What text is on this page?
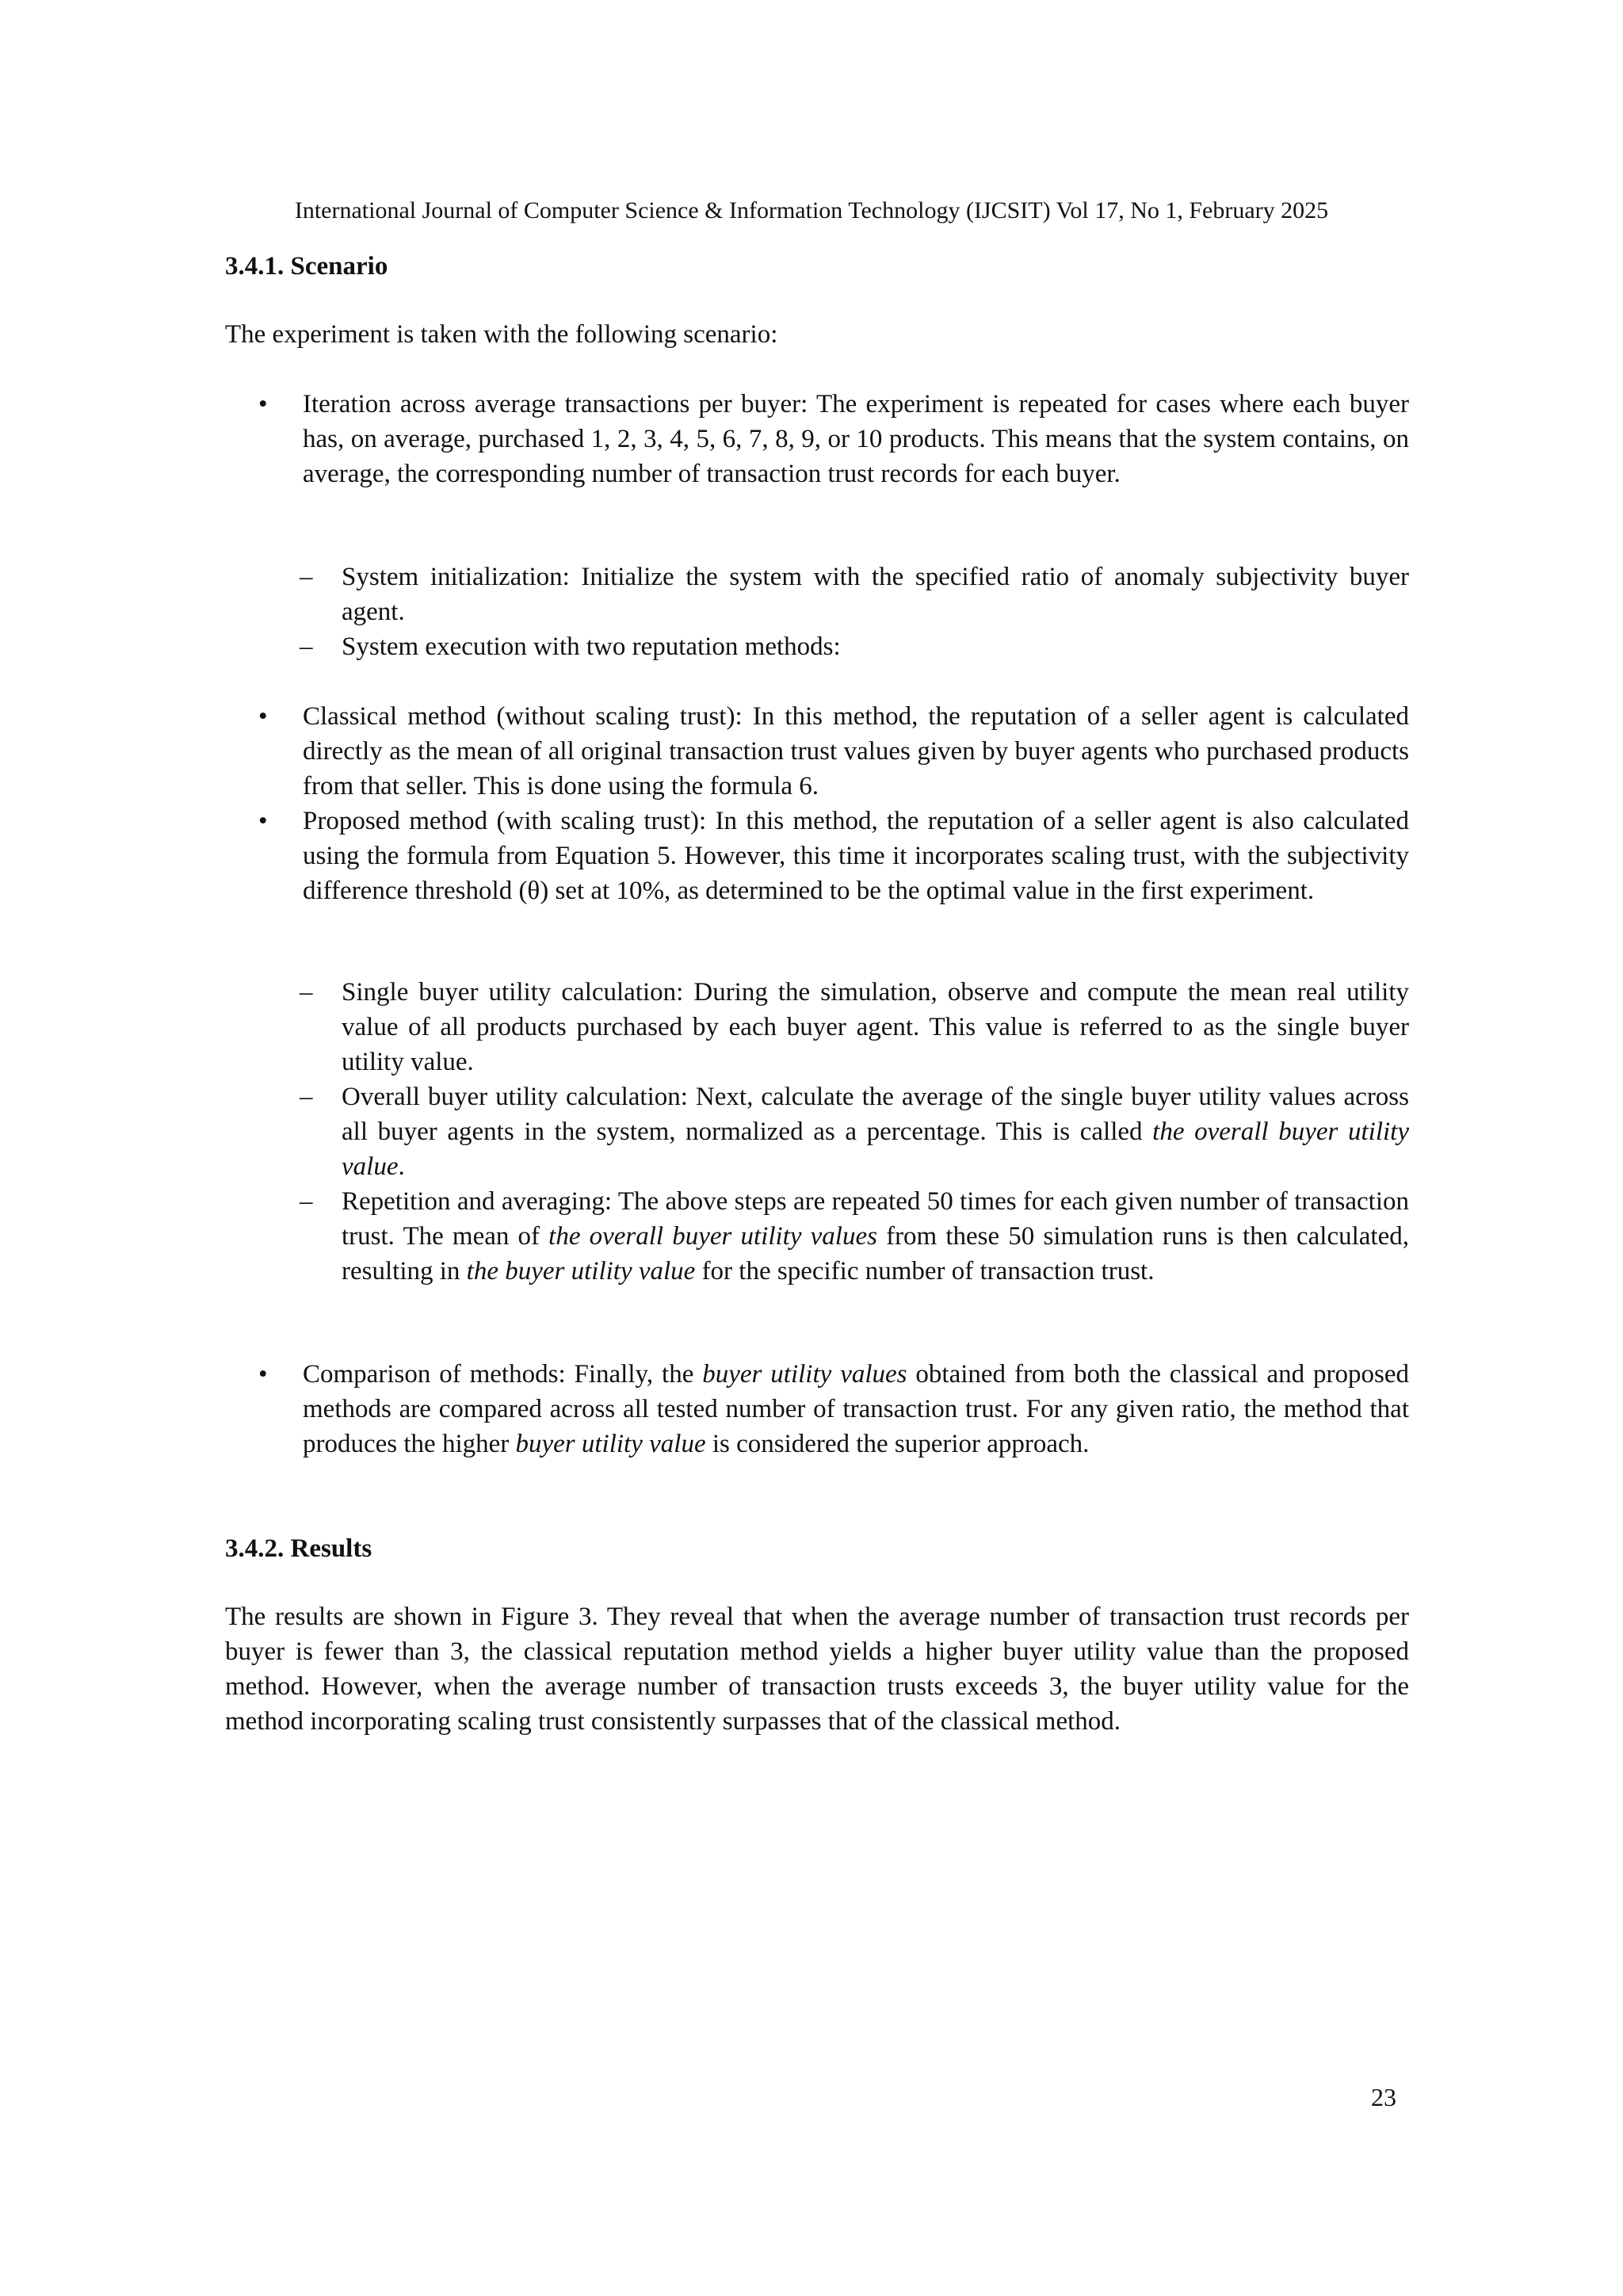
International Journal of Computer Science & Information Technology (IJCSIT) Vol 17, No 1, February 2025
3.4.1. Scenario
The experiment is taken with the following scenario:
• Iteration across average transactions per buyer: The experiment is repeated for cases where each buyer has, on average, purchased 1, 2, 3, 4, 5, 6, 7, 8, 9, or 10 products. This means that the system contains, on average, the corresponding number of transaction trust records for each buyer.
– System initialization: Initialize the system with the specified ratio of anomaly subjectivity buyer agent.
– System execution with two reputation methods:
• Classical method (without scaling trust): In this method, the reputation of a seller agent is calculated directly as the mean of all original transaction trust values given by buyer agents who purchased products from that seller. This is done using the formula 6.
• Proposed method (with scaling trust): In this method, the reputation of a seller agent is also calculated using the formula from Equation 5. However, this time it incorporates scaling trust, with the subjectivity difference threshold (θ) set at 10%, as determined to be the optimal value in the first experiment.
– Single buyer utility calculation: During the simulation, observe and compute the mean real utility value of all products purchased by each buyer agent. This value is referred to as the single buyer utility value.
– Overall buyer utility calculation: Next, calculate the average of the single buyer utility values across all buyer agents in the system, normalized as a percentage. This is called the overall buyer utility value.
– Repetition and averaging: The above steps are repeated 50 times for each given number of transaction trust. The mean of the overall buyer utility values from these 50 simulation runs is then calculated, resulting in the buyer utility value for the specific number of transaction trust.
• Comparison of methods: Finally, the buyer utility values obtained from both the classical and proposed methods are compared across all tested number of transaction trust. For any given ratio, the method that produces the higher buyer utility value is considered the superior approach.
3.4.2. Results
The results are shown in Figure 3. They reveal that when the average number of transaction trust records per buyer is fewer than 3, the classical reputation method yields a higher buyer utility value than the proposed method. However, when the average number of transaction trusts exceeds 3, the buyer utility value for the method incorporating scaling trust consistently surpasses that of the classical method.
23
